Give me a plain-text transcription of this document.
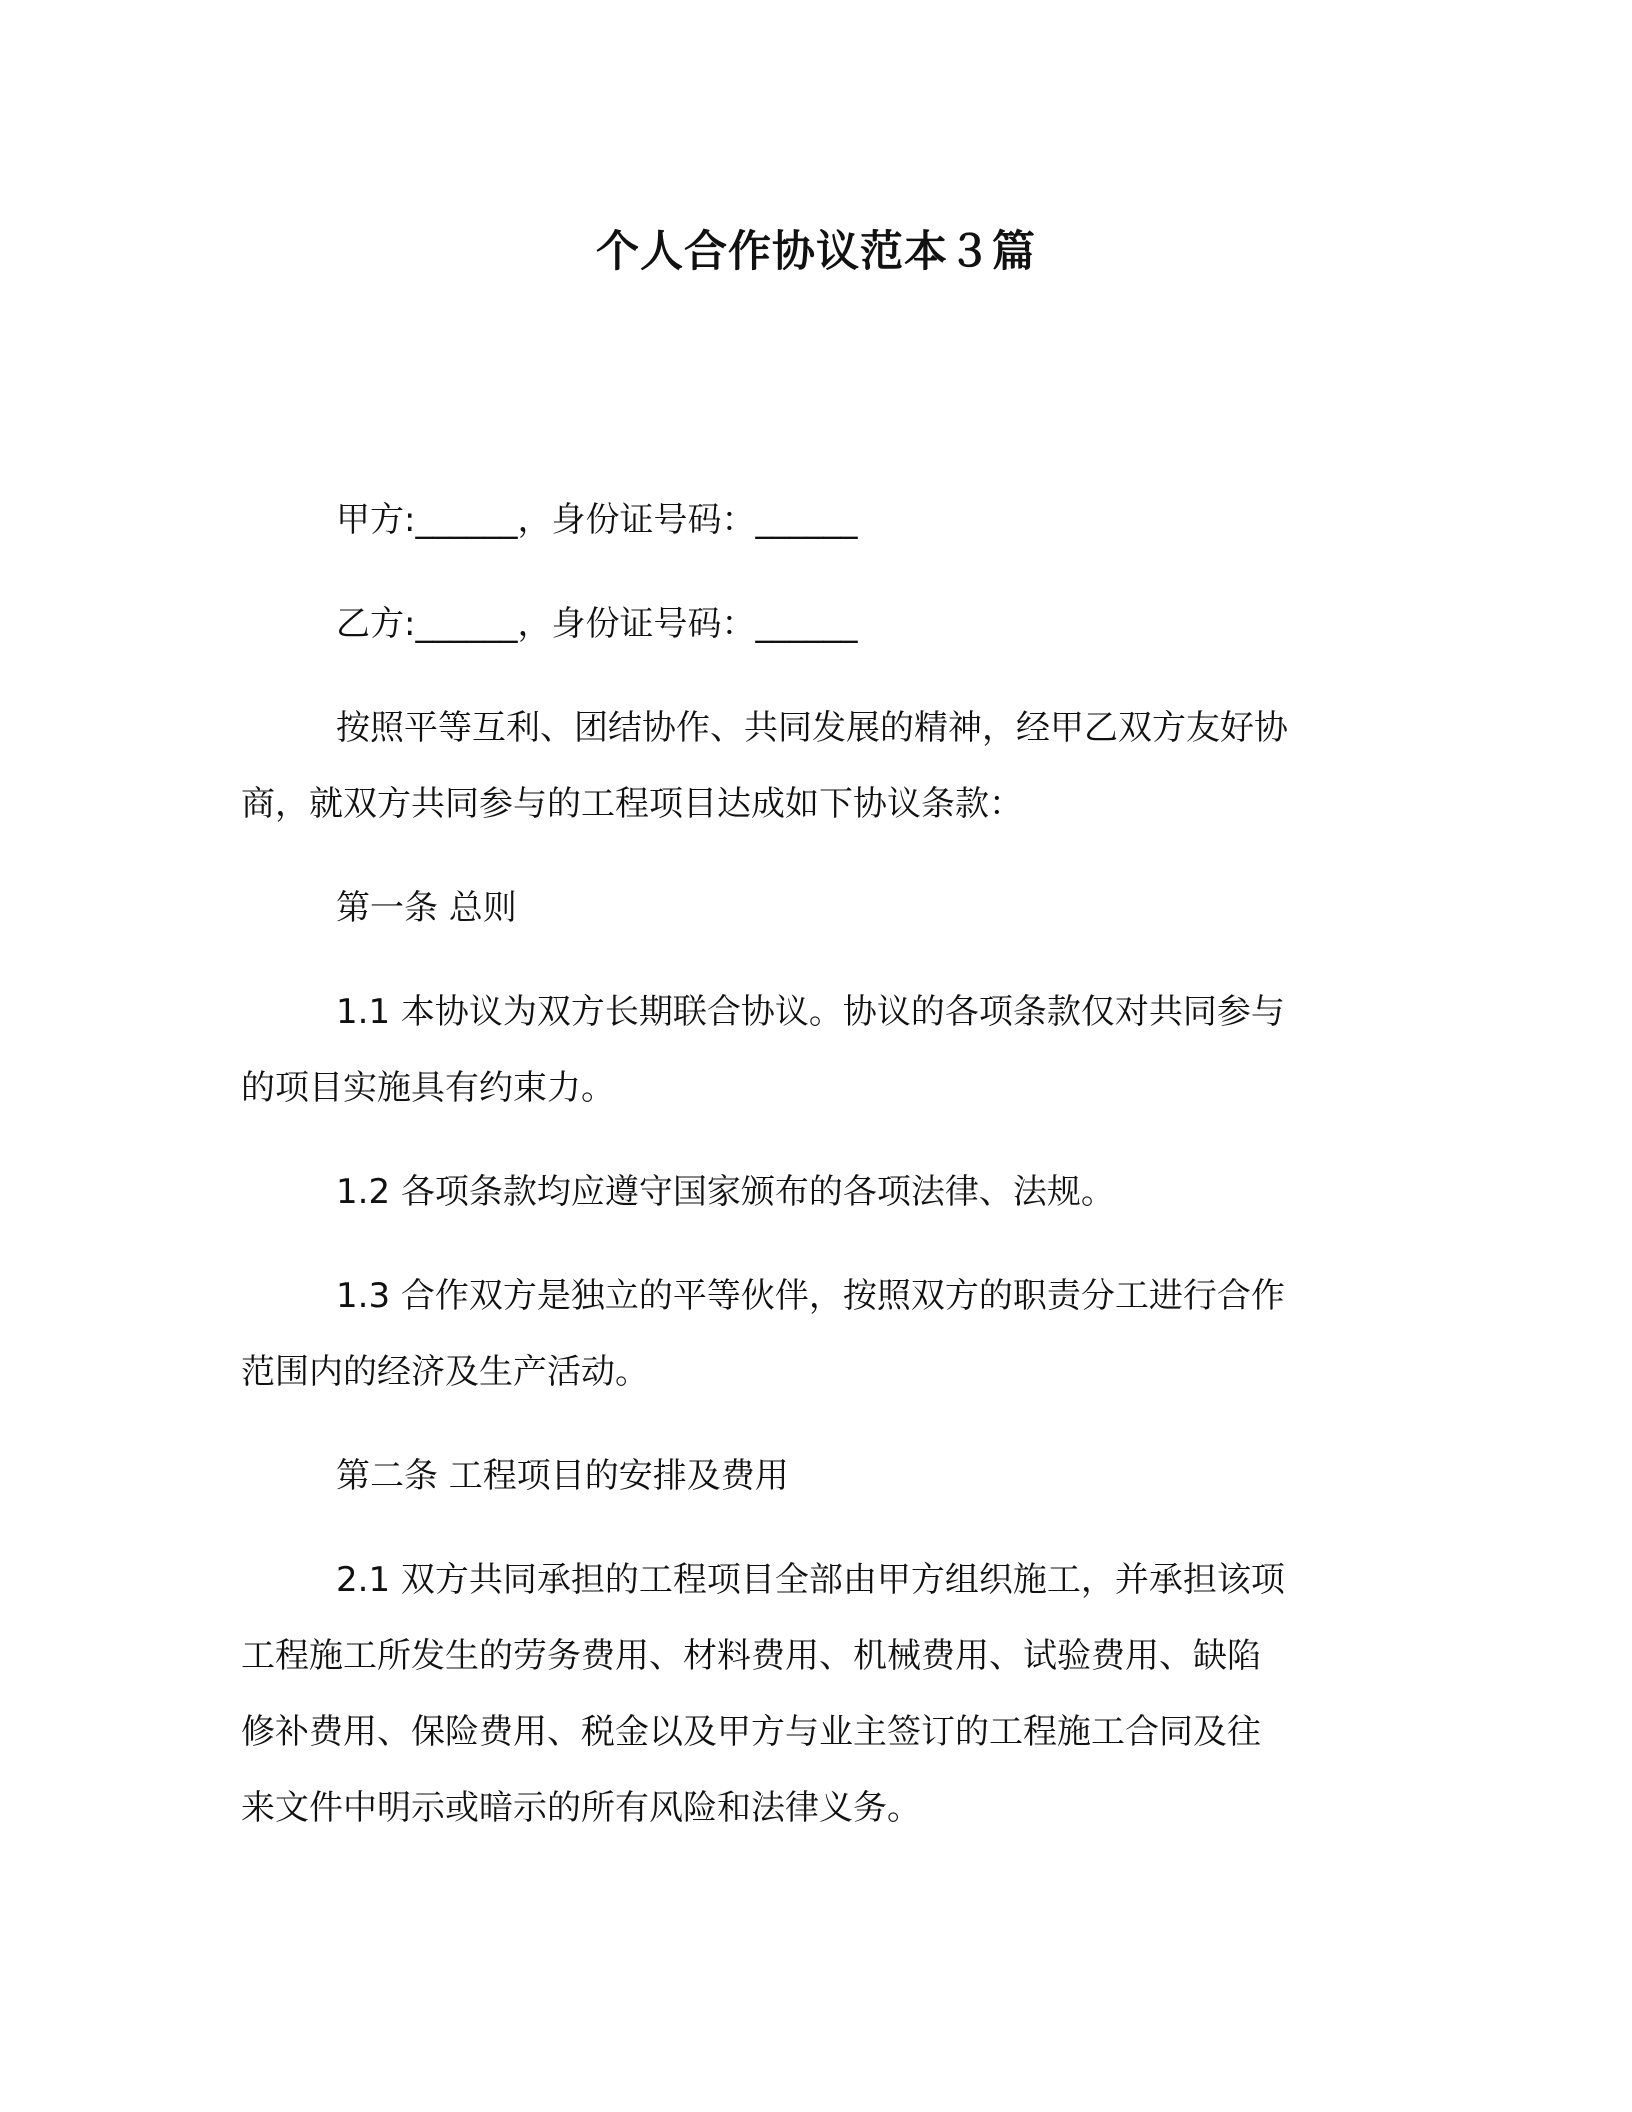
个人合作协议范本３篇
甲方:______，身份证号码：______
乙方:______，身份证号码：______
按照平等互利、团结协作、共同发展的精神，经甲乙双方友好协
商，就双方共同参与的工程项目达成如下协议条款：
第一条 总则
1.1 本协议为双方长期联合协议。协议的各项条款仅对共同参与
的项目实施具有约束力。
1.2 各项条款均应遵守国家颁布的各项法律、法规。
1.3 合作双方是独立的平等伙伴，按照双方的职责分工进行合作
范围内的经济及生产活动。
第二条 工程项目的安排及费用
2.1 双方共同承担的工程项目全部由甲方组织施工，并承担该项
工程施工所发生的劳务费用、材料费用、机械费用、试验费用、缺陷
修补费用、保险费用、税金以及甲方与业主签订的工程施工合同及往
来文件中明示或暗示的所有风险和法律义务。
